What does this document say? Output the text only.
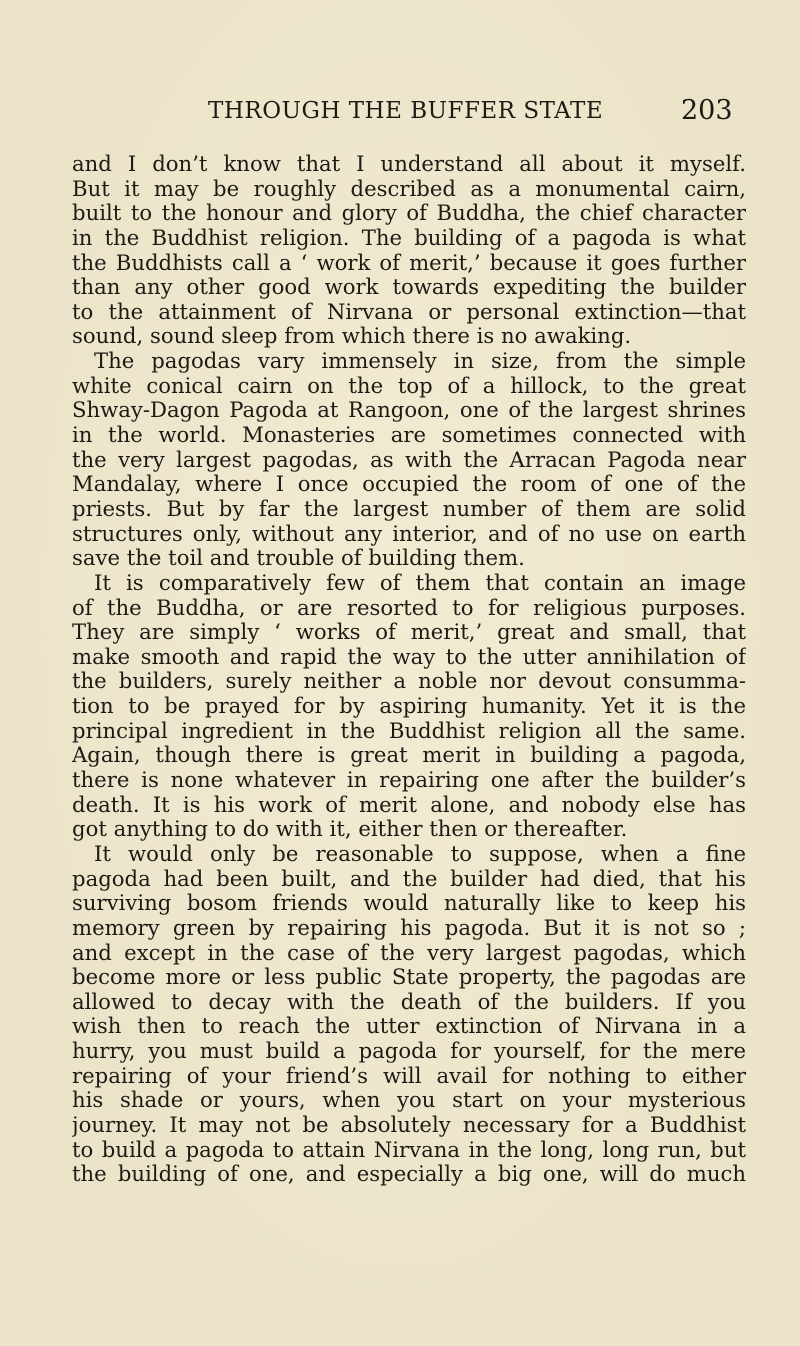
THROUGH THE BUFFER STATE	203
and I don’t know that I understand all about it myself.
But it may be roughly described as a monumental cairn,
built to the honour and glory of Buddha, the chief character
in the Buddhist religion. The building of a pagoda is what
the Buddhists call a ‘ work of merit,’ because it goes further
than any other good work towards expediting the builder
to the attainment of Nirvana or personal extinction—that
sound, sound sleep from which there is no awaking.
The pagodas vary immensely in size, from the simple
white conical cairn on the top of a hillock, to the great
Shway-Dagon Pagoda at Rangoon, one of the largest shrines
in the world. Monasteries are sometimes connected with
the very largest pagodas, as with the Arracan Pagoda near
Mandalay, where I once occupied the room of one of the
priests. But by far the largest number of them are solid
structures only, without any interior, and of no use on earth
save the toil and trouble of building them.
It is comparatively few of them that contain an image
of the Buddha, or are resorted to for religious purposes.
They are simply ‘ works of merit,’ great and small, that
make smooth and rapid the way to the utter annihilation of
the builders, surely neither a noble nor devout consumma-
tion to be prayed for by aspiring humanity. Yet it is the
principal ingredient in the Buddhist religion all the same.
Again, though there is great merit in building a pagoda,
there is none whatever in repairing one after the builder’s
death. It is his work of merit alone, and nobody else has
got anything to do with it, either then or thereafter.
It would only be reasonable to suppose, when a fine
pagoda had been built, and the builder had died, that his
surviving bosom friends would naturally like to keep his
memory green by repairing his pagoda. But it is not so ;
and except in the case of the very largest pagodas, which
become more or less public State property, the pagodas are
allowed to decay with the death of the builders. If you
wish then to reach the utter extinction of Nirvana in a
hurry, you must build a pagoda for yourself, for the mere
repairing of your friend’s will avail for nothing to either
his shade or yours, when you start on your mysterious
journey. It may not be absolutely necessary for a Buddhist
to build a pagoda to attain Nirvana in the long, long run, but
the building of one, and especially a big one, will do much
